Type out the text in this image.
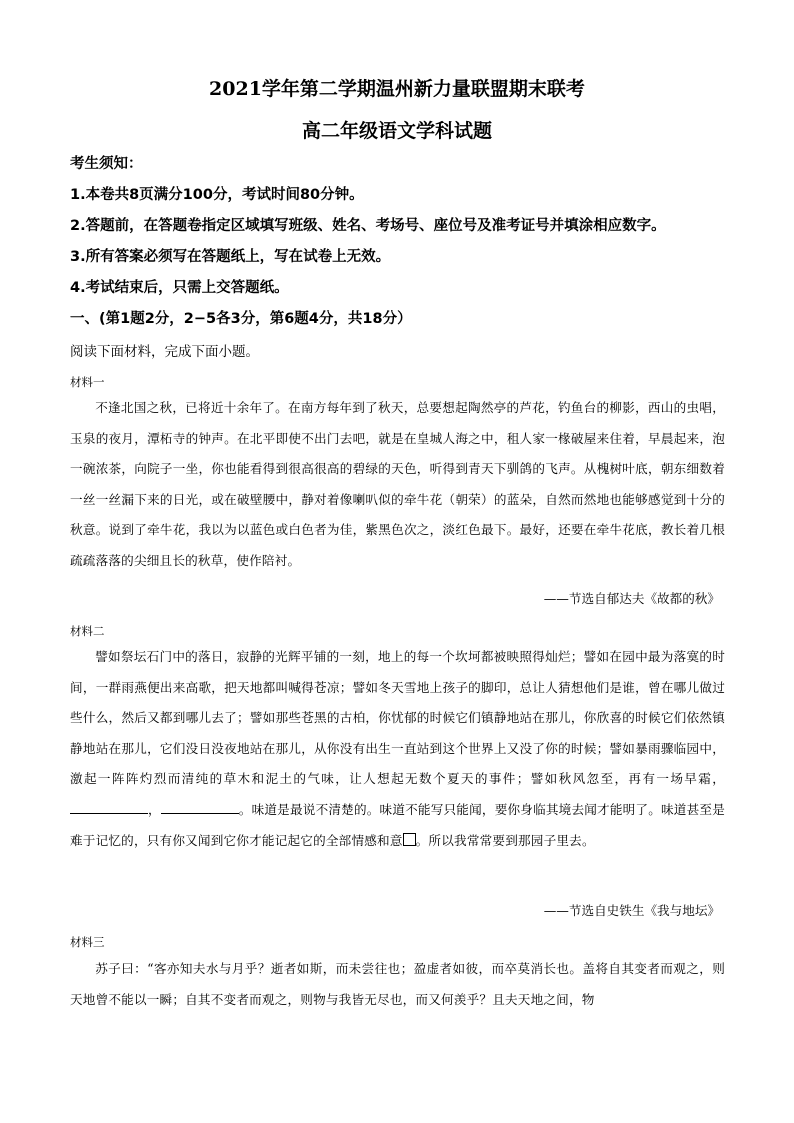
2021学年第二学期温州新力量联盟期末联考
高二年级语文学科试题

考生须知：

1.本卷共8页满分100分，考试时间80分钟。

2.答题前，在答题卷指定区域填写班级、姓名、考场号、座位号及准考证号并填涂相应数字。

3.所有答案必须写在答题纸上，写在试卷上无效。

4.考试结束后，只需上交答题纸。

一、(第1题2分，2−5各3分，第6题4分，共18分）

阅读下面材料，完成下面小题。

材料一

不逢北国之秋，已将近十余年了。在南方每年到了秋天，总要想起陶然亭的芦花，钓鱼台的柳影，西山的虫唱，玉泉的夜月，潭柘寺的钟声。在北平即使不出门去吧，就是在皇城人海之中，租人家一椽破屋来住着，早晨起来，泡一碗浓茶，向院子一坐，你也能看得到很高很高的碧绿的天色，听得到青天下驯鸽的飞声。从槐树叶底，朝东细数着一丝一丝漏下来的日光，或在破壁腰中，静对着像喇叭似的牵牛花（朝荣）的蓝朵，自然而然地也能够感觉到十分的秋意。说到了牵牛花，我以为以蓝色或白色者为佳，紫黑色次之，淡红色最下。最好，还要在牵牛花底，教长着几根疏疏落落的尖细且长的秋草，使作陪衬。

——节选自郁达夫《故都的秋》

材料二

譬如祭坛石门中的落日，寂静的光辉平铺的一刻，地上的每一个坎坷都被映照得灿烂；譬如在园中最为落寞的时间，一群雨燕便出来高歌，把天地都叫喊得苍凉；譬如冬天雪地上孩子的脚印，总让人猜想他们是谁，曾在哪儿做过些什么，然后又都到哪儿去了；譬如那些苍黑的古柏，你忧郁的时候它们镇静地站在那儿，你欣喜的时候它们依然镇静地站在那儿，它们没日没夜地站在那儿，从你没有出生一直站到这个世界上又没了你的时候；譬如暴雨骤临园中，激起一阵阵灼烈而清纯的草木和泥土的气味，让人想起无数个夏天的事件；譬如秋风忽至，再有一场早霜，，	。味道是最说不清楚的。味道不能写只能闻，要你身临其境去闻才能明了。味道甚至是难于记忆的，只有你又闻到它你才能记起它的全部情感和意 。所以我常常要到那园子里去。

——节选自史铁生《我与地坛》

材料三

苏子曰：“客亦知夫水与月乎？逝者如斯，而未尝往也；盈虚者如彼，而卒莫消长也。盖将自其变者而观之，则天地曾不能以一瞬；自其不变者而观之，则物与我皆无尽也，而又何羡乎？且夫天地之间，物
